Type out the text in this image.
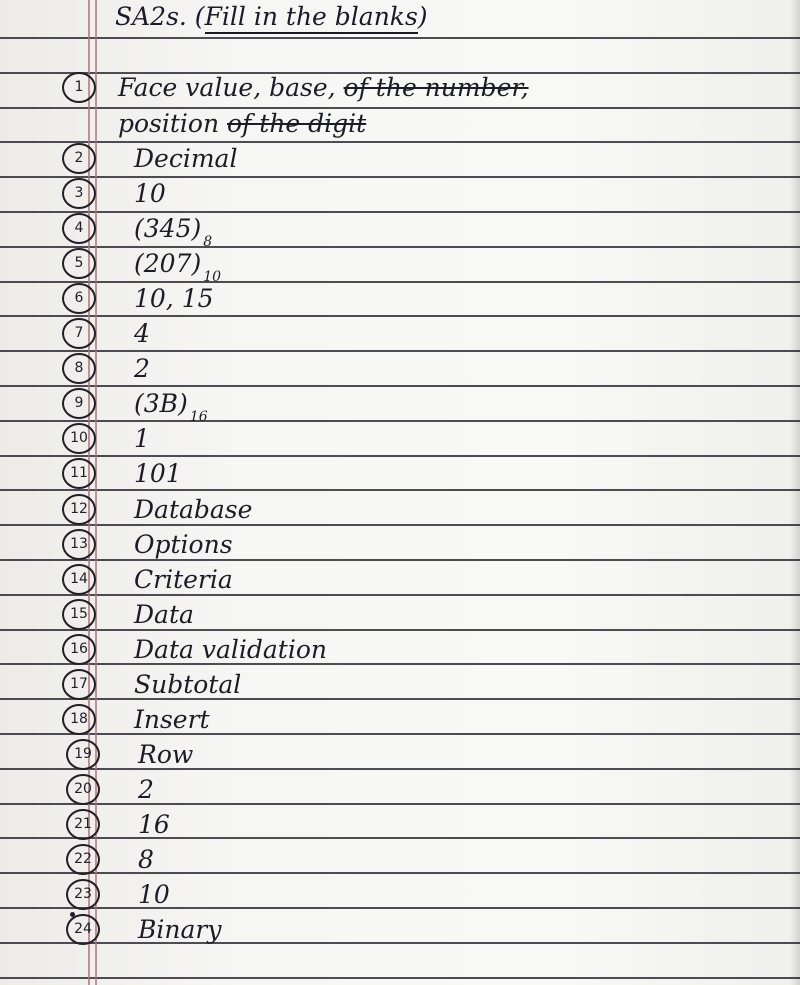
SA2s. (Fill in the blanks)
1	Face value, base, of the number,
position of the digit
2	Decimal
3	10
4	(345) $_8$
5	(207) $_{10}$
6	10, 15
7	4
8	2
9	(3B) $_{16}$
10	1
11	101
12	Database
13	Options
14	Criteria
15	Data
16	Data validation
17	Subtotal
18	Insert
19	Row
20	2
21	16
22	8
23	10
24	Binary
